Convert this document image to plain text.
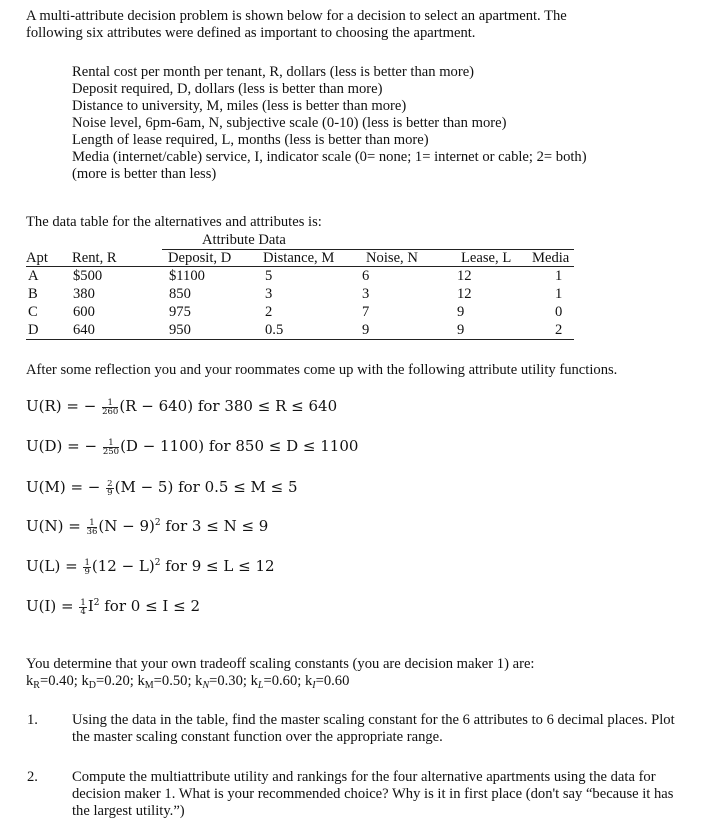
A multi-attribute decision problem is shown below for a decision to select an apartment. The
following six attributes were defined as important to choosing the apartment.
Rental cost per month per tenant, R, dollars (less is better than more)
Deposit required, D, dollars (less is better than more)
Distance to university, M, miles (less is better than more)
Noise level, 6pm-6am, N, subjective scale (0-10) (less is better than more)
Length of lease required, L, months (less is better than more)
Media (internet/cable) service, I, indicator scale (0= none; 1= internet or cable; 2= both)
(more is better than less)
The data table for the alternatives and attributes is:
Attribute Data
Apt Rent, R	Deposit, D Distance, M Noise, N	Lease, L Media
A $500	$1100	5	6	12	1
B 380	850	3	3	12	1
C 600	975	2	7	9	0
D 640	950	0.5	9	9	2
After some reflection you and your roommates come up with the following attribute utility functions.
U(R) = − $\frac{1}{260} (R - 640)$ for 380 ≤ R ≤ 640
U(D) = − $\frac{1}{250} (D - 1100)$ for 850 ≤ D ≤ 1100
U(M) = − $\frac{2}{9} (M - 5)$ for 0.5 ≤ M ≤ 5
$U(N) = \frac{1}{36} (N - 9)^2$ for 3 ≤ N ≤ 9
$U(L) = \frac{1}{9} (12 - L)^2$ for 9 ≤ L ≤ 12
$U(I) = \frac{1}{4} I^2$ for 0 ≤ I ≤ 2
You determine that your own tradeoff scaling constants (you are decision maker 1) are:
$k_R=0.40$; $k_D=0.20$; $k_M=0.50$; $k_N=0.30$; $k_L=0.60$; $k_I=0.60$
1. Using the data in the table, find the master scaling constant for the 6 attributes to 6 decimal places. Plot the master scaling constant function over the appropriate range.
2. Compute the multiattribute utility and rankings for the four alternative apartments using the data for decision maker 1. What is your recommended choice? Why is it in first place (don't say “because it has the largest utility.”)
